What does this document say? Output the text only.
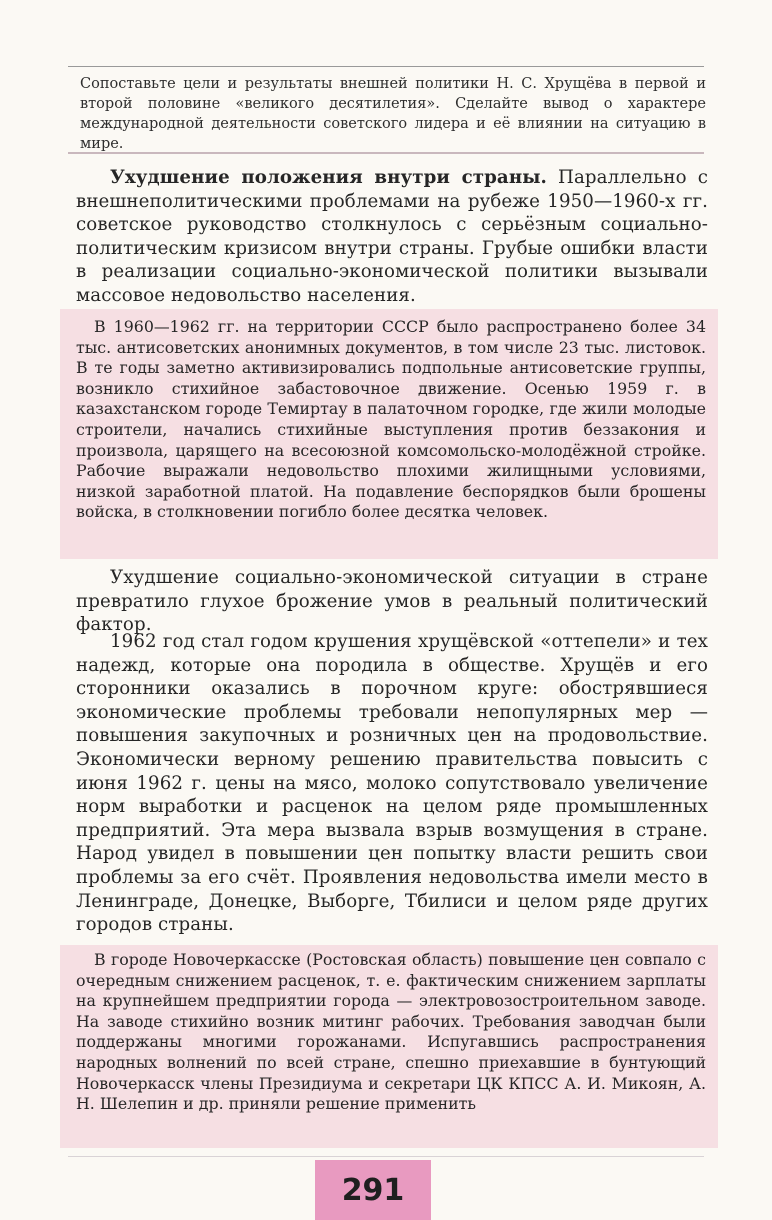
Сопоставьте цели и результаты внешней политики Н. С. Хрущёва в первой и второй половине «великого десятилетия». Сделайте вывод о характере международной деятельности советского лидера и её влиянии на ситуацию в мире.

Ухудшение положения внутри страны. Параллельно с внешнеполитическими проблемами на рубеже 1950—1960-х гг. советское руководство столкнулось с серьёзным социально-политическим кризисом внутри страны. Грубые ошибки власти в реализации социально-экономической политики вызывали массовое недовольство населения.

В 1960—1962 гг. на территории СССР было распространено более 34 тыс. антисоветских анонимных документов, в том числе 23 тыс. листовок. В те годы заметно активизировались подпольные антисоветские группы, возникло стихийное забастовочное движение. Осенью 1959 г. в казахстанском городе Темиртау в палаточном городке, где жили молодые строители, начались стихийные выступления против беззакония и произвола, царящего на всесоюзной комсомольско-молодёжной стройке. Рабочие выражали недовольство плохими жилищными условиями, низкой заработной платой. На подавление беспорядков были брошены войска, в столкновении погибло более десятка человек.

Ухудшение социально-экономической ситуации в стране превратило глухое брожение умов в реальный политический фактор.

1962 год стал годом крушения хрущёвской «оттепели» и тех надежд, которые она породила в обществе. Хрущёв и его сторонники оказались в порочном круге: обострявшиеся экономические проблемы требовали непопулярных мер — повышения закупочных и розничных цен на продовольствие. Экономически верному решению правительства повысить с июня 1962 г. цены на мясо, молоко сопутствовало увеличение норм выработки и расценок на целом ряде промышленных предприятий. Эта мера вызвала взрыв возмущения в стране. Народ увидел в повышении цен попытку власти решить свои проблемы за его счёт. Проявления недовольства имели место в Ленинграде, Донецке, Выборге, Тбилиси и целом ряде других городов страны.

В городе Новочеркасске (Ростовская область) повышение цен совпало с очередным снижением расценок, т. е. фактическим снижением зарплаты на крупнейшем предприятии города — электровозостроительном заводе. На заводе стихийно возник митинг рабочих. Требования заводчан были поддержаны многими горожанами. Испугавшись распространения народных волнений по всей стране, спешно приехавшие в бунтующий Новочеркасск члены Президиума и секретари ЦК КПСС А. И. Микоян, А. Н. Шелепин и др. приняли решение применить

291
